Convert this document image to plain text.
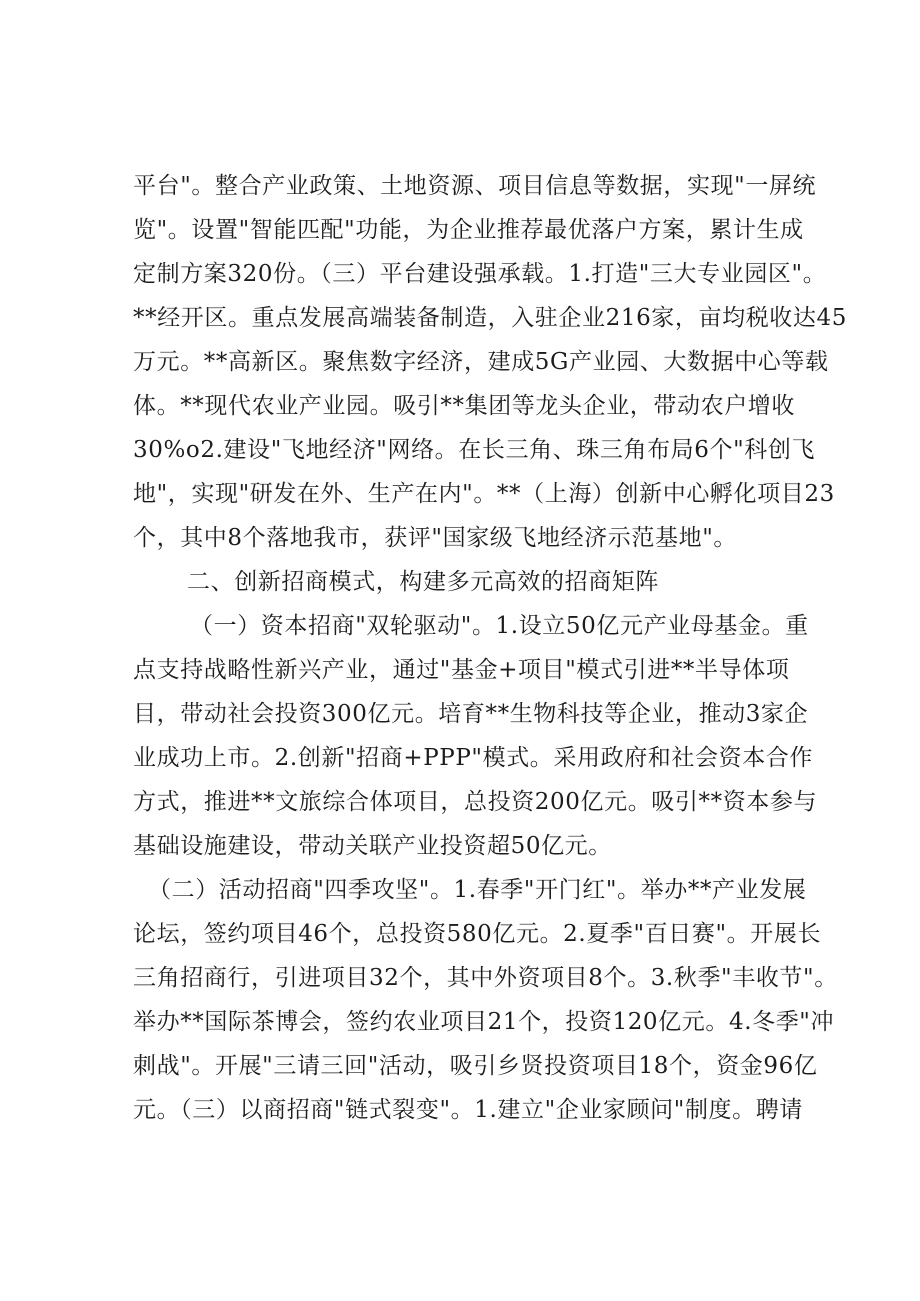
平台"。整合产业政策、土地资源、项目信息等数据，实现"一屏统
览"。设置"智能匹配"功能，为企业推荐最优落户方案，累计生成
定制方案320份。（三）平台建设强承载。1.打造"三大专业园区"。
**经开区。重点发展高端装备制造，入驻企业216家，亩均税收达45
万元。**高新区。聚焦数字经济，建成5G产业园、大数据中心等载
体。**现代农业产业园。吸引**集团等龙头企业，带动农户增收
30%o2.建设"飞地经济"网络。在长三角、珠三角布局6个"科创飞
地"，实现"研发在外、生产在内"。**（上海）创新中心孵化项目23
个，其中8个落地我市，获评"国家级飞地经济示范基地"。
二、创新招商模式，构建多元高效的招商矩阵
（一）资本招商"双轮驱动"。1.设立50亿元产业母基金。重
点支持战略性新兴产业，通过"基金+项目"模式引进**半导体项
目，带动社会投资300亿元。培育**生物科技等企业，推动3家企
业成功上市。2.创新"招商+PPP"模式。采用政府和社会资本合作
方式，推进**文旅综合体项目，总投资200亿元。吸引**资本参与
基础设施建设，带动关联产业投资超50亿元。
（二）活动招商"四季攻坚"。1.春季"开门红"。举办**产业发展
论坛，签约项目46个，总投资580亿元。2.夏季"百日赛"。开展长
三角招商行，引进项目32个，其中外资项目8个。3.秋季"丰收节"。
举办**国际茶博会，签约农业项目21个，投资120亿元。4.冬季"冲
刺战"。开展"三请三回"活动，吸引乡贤投资项目18个，资金96亿
元。（三）以商招商"链式裂变"。1.建立"企业家顾问"制度。聘请
